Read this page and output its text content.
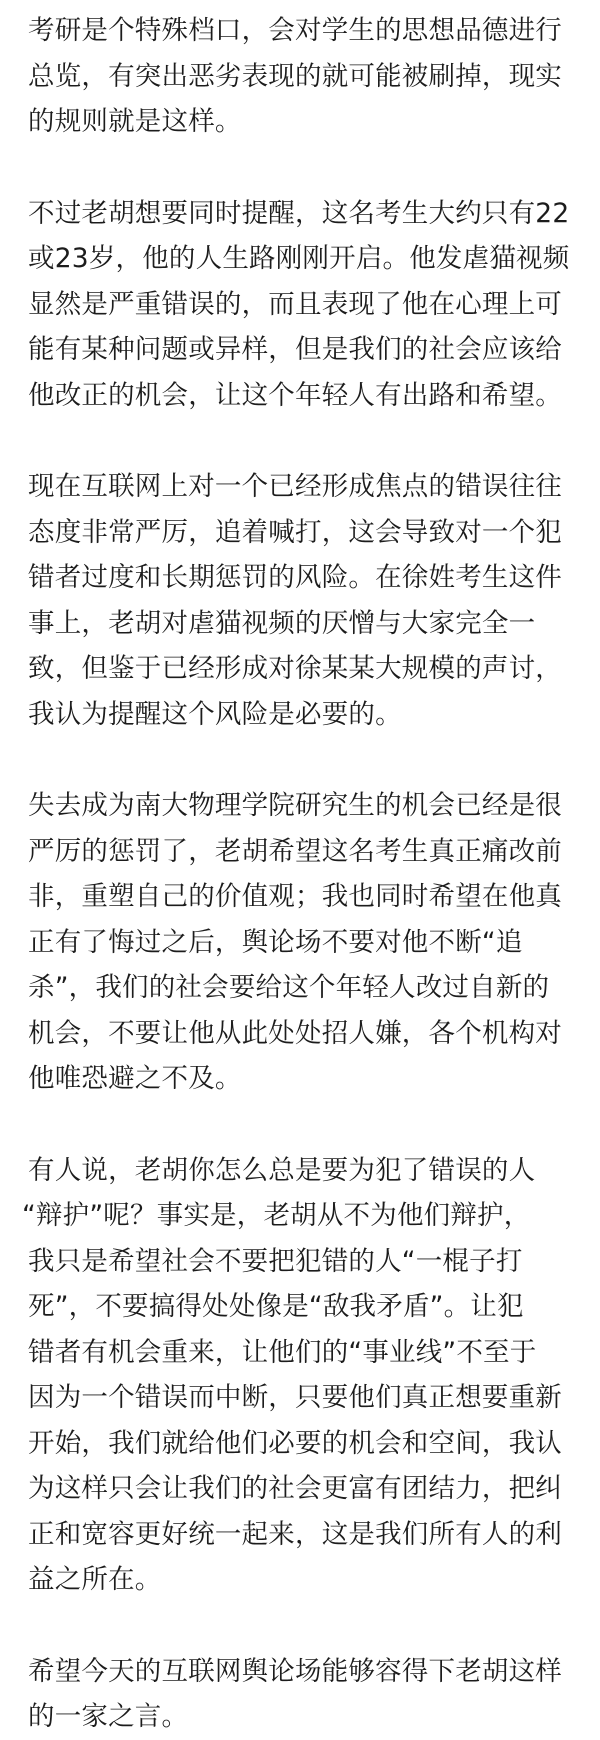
考研是个特殊档口，会对学生的思想品德进行
总览，有突出恶劣表现的就可能被刷掉，现实
的规则就是这样。

不过老胡想要同时提醒，这名考生大约只有22
或23岁，他的人生路刚刚开启。他发虐猫视频
显然是严重错误的，而且表现了他在心理上可
能有某种问题或异样，但是我们的社会应该给
他改正的机会，让这个年轻人有出路和希望。

现在互联网上对一个已经形成焦点的错误往往
态度非常严厉，追着喊打，这会导致对一个犯
错者过度和长期惩罚的风险。在徐姓考生这件
事上，老胡对虐猫视频的厌憎与大家完全一
致，但鉴于已经形成对徐某某大规模的声讨，
我认为提醒这个风险是必要的。

失去成为南大物理学院研究生的机会已经是很
严厉的惩罚了，老胡希望这名考生真正痛改前
非，重塑自己的价值观；我也同时希望在他真
正有了悔过之后，舆论场不要对他不断“追
杀”，我们的社会要给这个年轻人改过自新的
机会，不要让他从此处处招人嫌，各个机构对
他唯恐避之不及。

有人说，老胡你怎么总是要为犯了错误的人
“辩护”呢？事实是，老胡从不为他们辩护，
我只是希望社会不要把犯错的人“一棍子打
死”，不要搞得处处像是“敌我矛盾”。让犯
错者有机会重来，让他们的“事业线”不至于
因为一个错误而中断，只要他们真正想要重新
开始，我们就给他们必要的机会和空间，我认
为这样只会让我们的社会更富有团结力，把纠
正和宽容更好统一起来，这是我们所有人的利
益之所在。

希望今天的互联网舆论场能够容得下老胡这样
的一家之言。
